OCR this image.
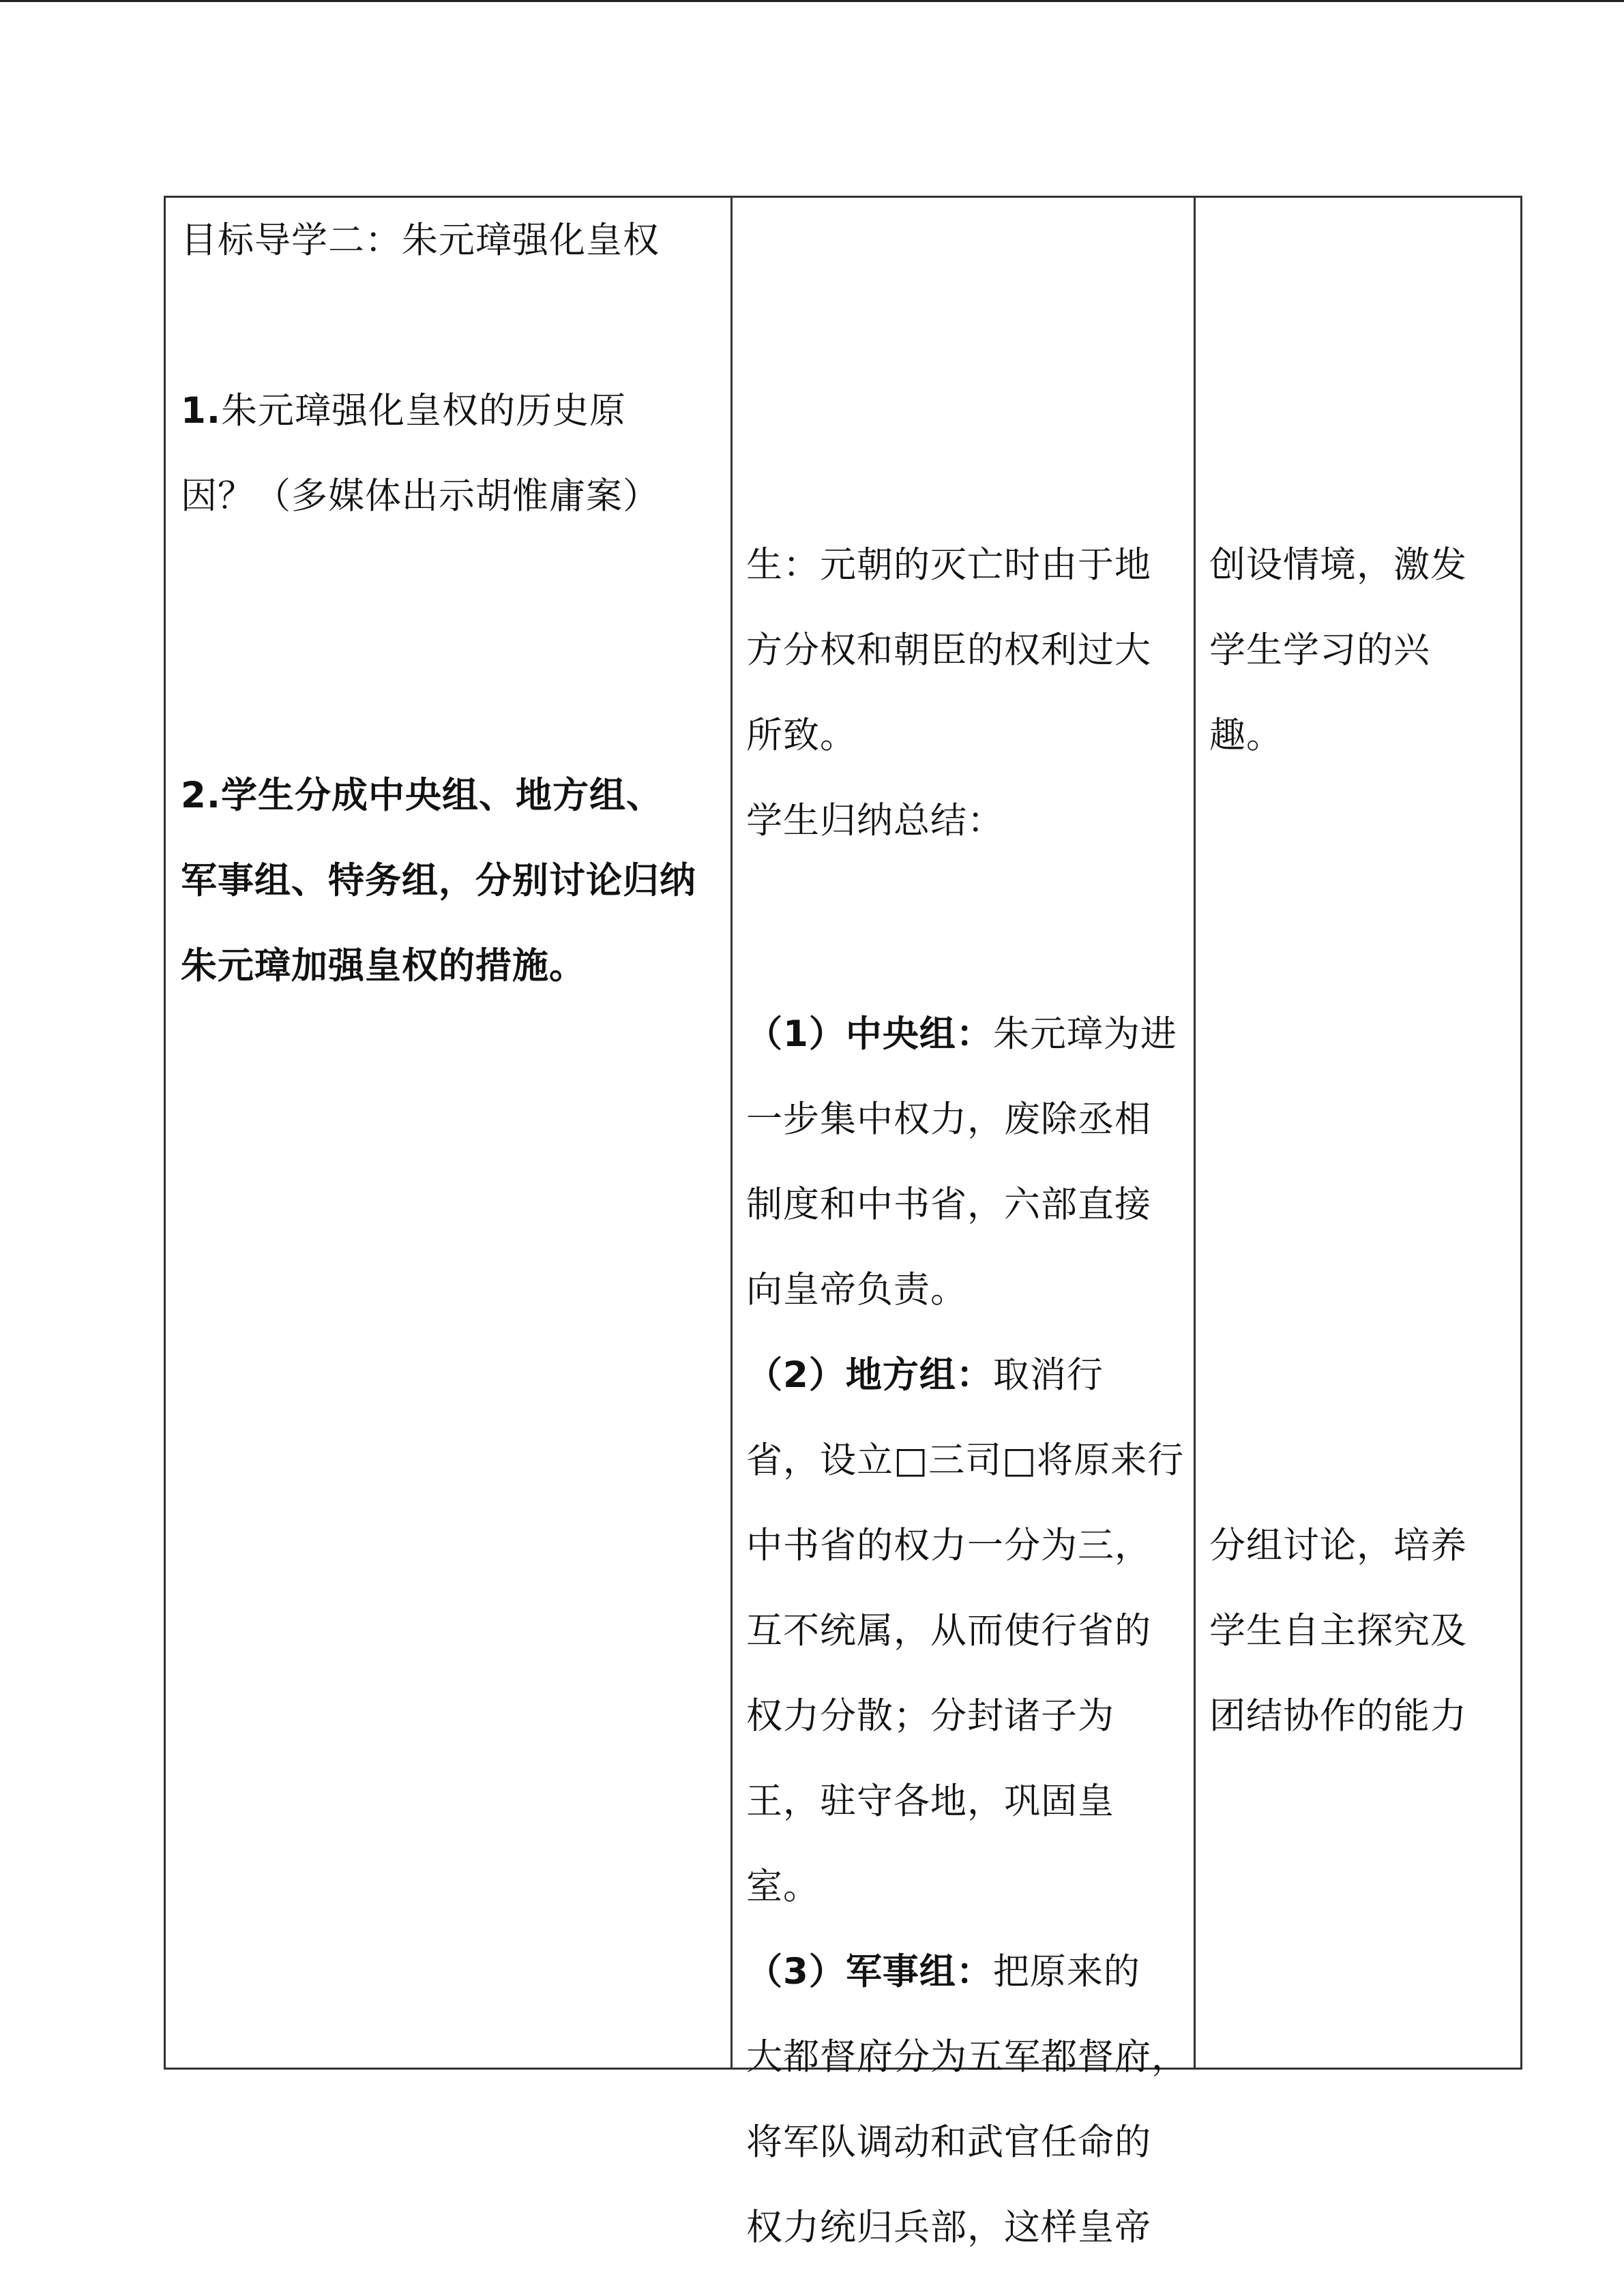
目标导学二：朱元璋强化皇权

1.朱元璋强化皇权的历史原
因？（多媒体出示胡惟庸案）
2.学生分成中央组、地方组、
军事组、特务组，分别讨论归纳
朱元璋加强皇权的措施。
生：元朝的灭亡时由于地
方分权和朝臣的权利过大
所致。
学生归纳总结：
（1）中央组：朱元璋为进
一步集中权力，废除丞相
制度和中书省，六部直接
向皇帝负责。
（2）地方组：取消行
省，设立□三司□将原来行
中书省的权力一分为三，
互不统属，从而使行省的
权力分散；分封诸子为
王，驻守各地，巩固皇
室。
（3）军事组：把原来的
大都督府分为五军都督府，
将军队调动和武官任命的
权力统归兵部，这样皇帝
创设情境，激发
学生学习的兴
趣。
分组讨论，培养
学生自主探究及
团结协作的能力
